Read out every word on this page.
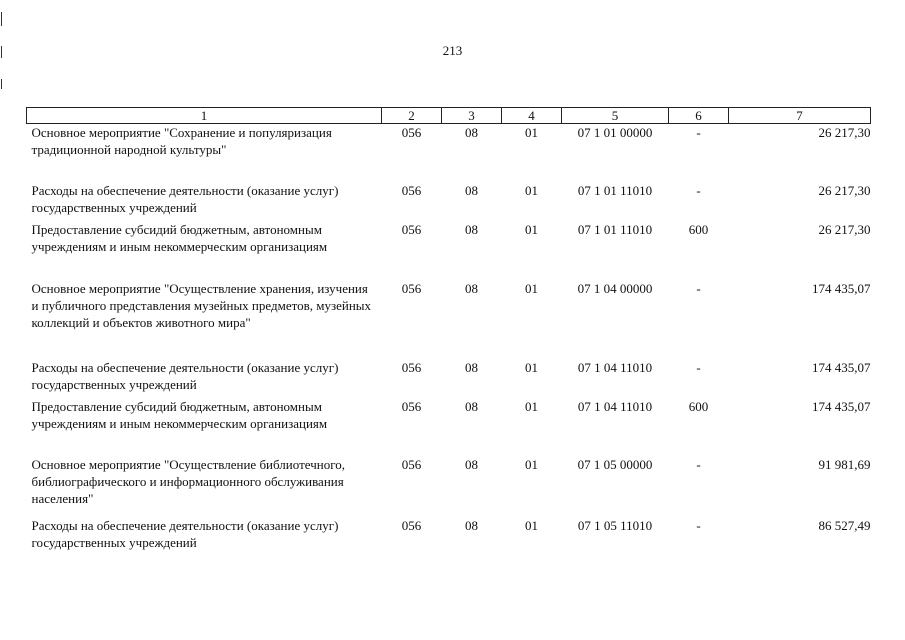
213
1	2	3	4	5	6	7
Основное мероприятие "Сохранение и популяризация традиционной народной культуры"	056	08	01	07 1 01 00000	-	26 217,30
Расходы на обеспечение деятельности (оказание услуг) государственных учреждений	056	08	01	07 1 01 11010	-	26 217,30
Предоставление субсидий бюджетным, автономным учреждениям и иным некоммерческим организациям	056	08	01	07 1 01 11010	600	26 217,30
Основное мероприятие "Осуществление хранения, изучения и публичного представления музейных предметов, музейных коллекций и объектов животного мира"	056	08	01	07 1 04 00000	-	174 435,07
Расходы на обеспечение деятельности (оказание услуг) государственных учреждений	056	08	01	07 1 04 11010	-	174 435,07
Предоставление субсидий бюджетным, автономным учреждениям и иным некоммерческим организациям	056	08	01	07 1 04 11010	600	174 435,07
Основное мероприятие "Осуществление библиотечного, библиографического и информационного обслуживания населения"	056	08	01	07 1 05 00000	-	91 981,69
Расходы на обеспечение деятельности (оказание услуг) государственных учреждений	056	08	01	07 1 05 11010	-	86 527,49
